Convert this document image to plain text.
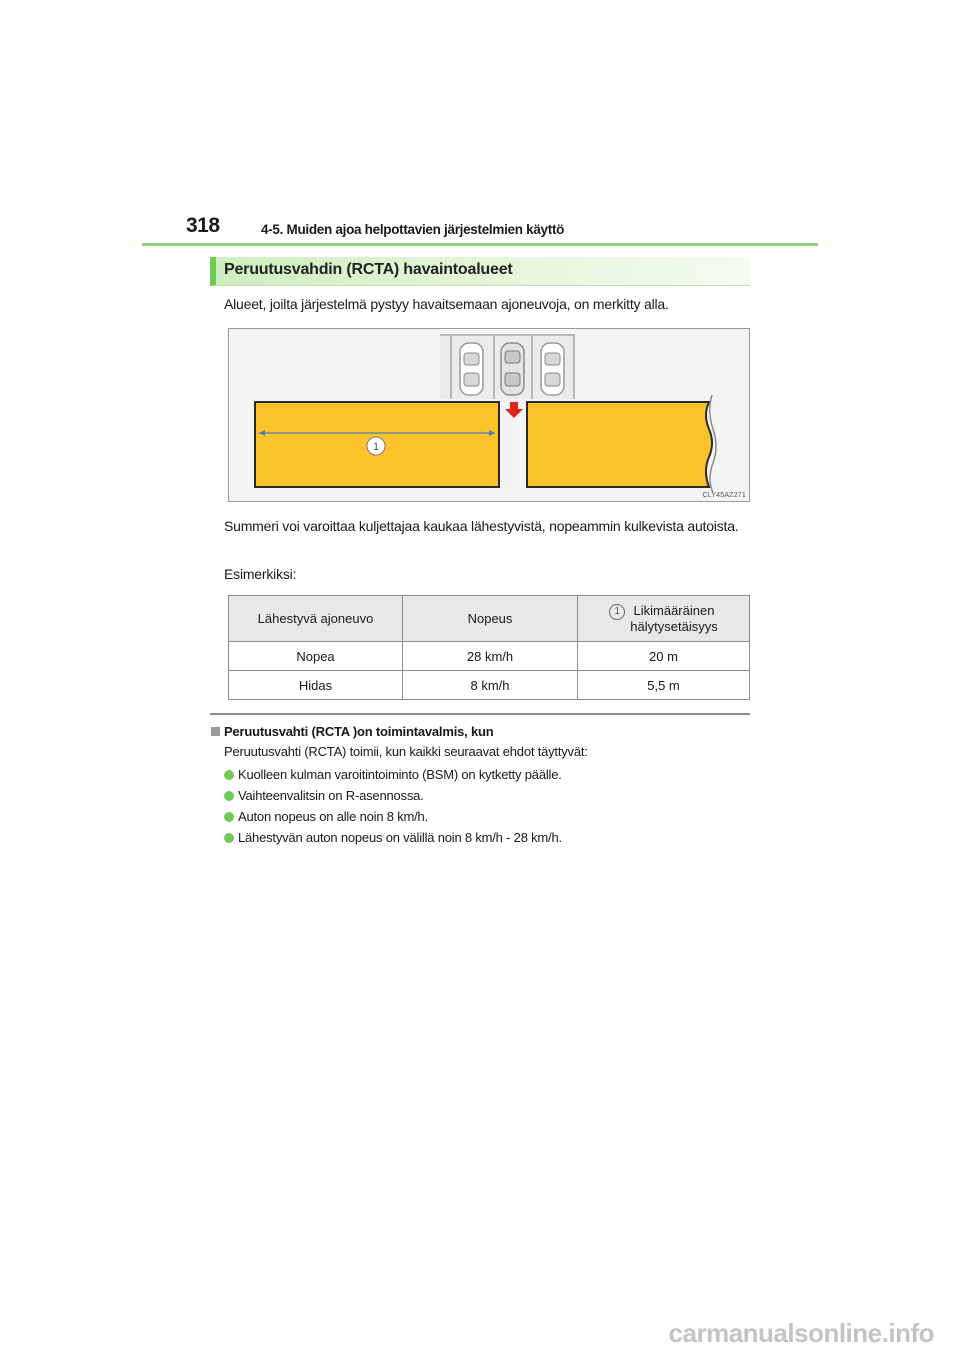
318	4-5. Muiden ajoa helpottavien järjestelmien käyttö
Peruutusvahdin (RCTA) havaintoalueet
Alueet, joilta järjestelmä pystyy havaitsemaan ajoneuvoja, on merkitty alla.
1
CLY45AZ271
Summeri voi varoittaa kuljettajaa kaukaa lähestyvistä, nopeammin kulkevista autoista.
Esimerkiksi:
Lähestyvä ajoneuvo	Nopeus	1 Likimääräinen
hälytysetäisyys

Nopea	28 km/h	20 m
Hidas	8 km/h	5,5 m
Peruutusvahti (RCTA )on toimintavalmis, kun
Peruutusvahti (RCTA) toimii, kun kaikki seuraavat ehdot täyttyvät:
Kuolleen kulman varoitintoiminto (BSM) on kytketty päälle.
Vaihteenvalitsin on R-asennossa.
Auton nopeus on alle noin 8 km/h.
Lähestyvän auton nopeus on välillä noin 8 km/h - 28 km/h.
carmanualsonline.info
